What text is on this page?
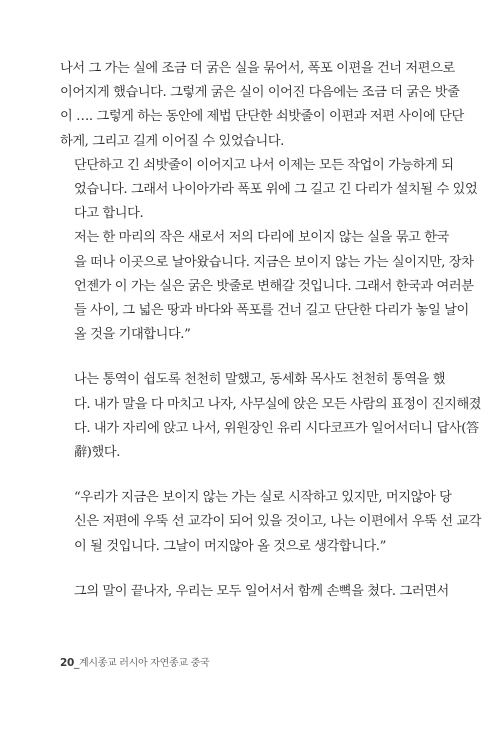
나서 그 가는 실에 조금 더 굵은 실을 묶어서, 폭포 이편을 건너 저편으로
이어지게 했습니다. 그렇게 굵은 실이 이어진 다음에는 조금 더 굵은 밧줄
이 …. 그렇게 하는 동안에 제법 단단한 쇠밧줄이 이편과 저편 사이에 단단
하게, 그리고 길게 이어질 수 있었습니다.
단단하고 긴 쇠밧줄이 이어지고 나서 이제는 모든 작업이 가능하게 되
었습니다. 그래서 나이아가라 폭포 위에 그 길고 긴 다리가 설치될 수 있었
다고 합니다.
저는 한 마리의 작은 새로서 저의 다리에 보이지 않는 실을 묶고 한국
을 떠나 이곳으로 날아왔습니다. 지금은 보이지 않는 가는 실이지만, 장차
언젠가 이 가는 실은 굵은 밧줄로 변해갈 것입니다. 그래서 한국과 여러분
들 사이, 그 넓은 땅과 바다와 폭포를 건너 길고 단단한 다리가 놓일 날이
올 것을 기대합니다.”
나는 통역이 쉽도록 천천히 말했고, 동세화 목사도 천천히 통역을 했
다. 내가 말을 다 마치고 나자, 사무실에 앉은 모든 사람의 표정이 진지해졌
다. 내가 자리에 앉고 나서, 위원장인 유리 시다코프가 일어서더니 답사(答
辭)했다.
“우리가 지금은 보이지 않는 가는 실로 시작하고 있지만, 머지않아 당
신은 저편에 우뚝 선 교각이 되어 있을 것이고, 나는 이편에서 우뚝 선 교각
이 될 것입니다. 그날이 머지않아 올 것으로 생각합니다.”
그의 말이 끝나자, 우리는 모두 일어서서 함께 손뼉을 쳤다. 그러면서
20_계시종교 러시아 자연종교 중국
